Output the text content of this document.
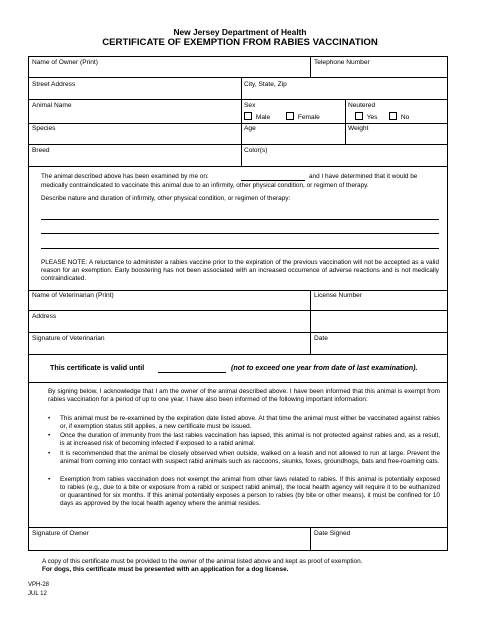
New Jersey Department of Health
CERTIFICATE OF EXEMPTION FROM RABIES VACCINATION
Name of Owner (Print)	Telephone Number
Street Address	City, State, Zip
Animal Name	Sex
Male	Female
Neutered
Yes	No
Species	Age	Weight
Breed	Color(s)
The animal described above has been examined by me on:	and I have determined that it would be
medically contraindicated to vaccinate this animal due to an infirmity, other physical condition, or regimen of therapy.
Describe nature and duration of infirmity, other physical condition, or regimen of therapy:
PLEASE NOTE: A reluctance to administer a rabies vaccine prior to the expiration of the previous vaccination will not be accepted as a valid reason for an exemption. Early boostering has not been associated with an increased occurrence of adverse reactions and is not medically contraindicated.
Name of Veterinarian (Print)	License Number
Address
Signature of Veterinarian	Date
This certificate is valid until	(not to exceed one year from date of last examination).
By signing below, I acknowledge that I am the owner of the animal described above. I have been informed that this animal is exempt from rabies vaccination for a period of up to one year. I have also been informed of the following important information:
• This animal must be re-examined by the expiration date listed above. At that time the animal must either be vaccinated against rabies or, if exemption status still applies, a new certificate must be issued.
• Once the duration of immunity from the last rabies vaccination has lapsed, this animal is not protected against rabies and, as a result, is at increased risk of becoming infected if exposed to a rabid animal.
• It is recommended that the animal be closely observed when outside, walked on a leash and not allowed to run at large. Prevent the animal from coming into contact with suspect rabid animals such as raccoons, skunks, foxes, groundhogs, bats and free-roaming cats.
• Exemption from rabies vaccination does not exempt the animal from other laws related to rabies. If this animal is potentially exposed to rabies (e.g., due to a bite or exposure from a rabid or suspect rabid animal), the local health agency will require it to be euthanized or quarantined for six months. If this animal potentially exposes a person to rabies (by bite or other means), it must be confined for 10 days as approved by the local health agency where the animal resides.
Signature of Owner	Date Signed
A copy of this certificate must be provided to the owner of the animal listed above and kept as proof of exemption.
For dogs, this certificate must be presented with an application for a dog license.
VPH-28
JUL 12
